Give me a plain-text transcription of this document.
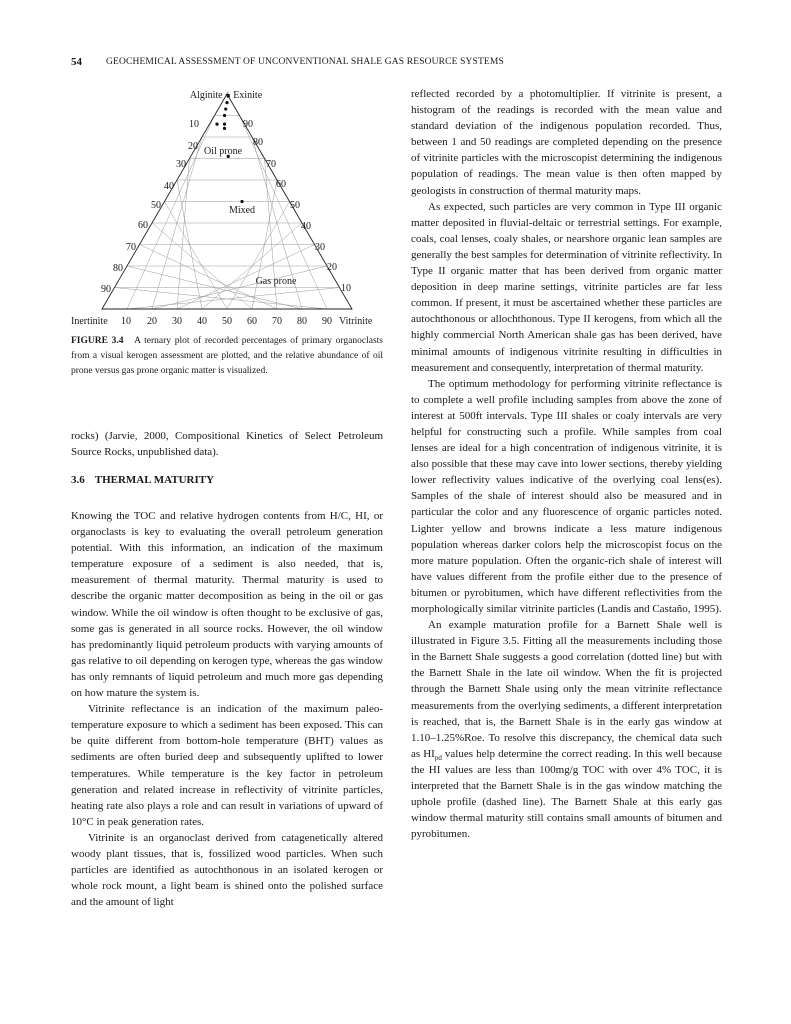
54	GEOCHEMICAL ASSESSMENT OF UNCONVENTIONAL SHALE GAS RESOURCE SYSTEMS
Alginite + Exinite
10
20
30
40
50
60
70
80
90
90
80
70
60
50
40
30
20
10
Oil prone
Mixed
Gas prone
Inertinite 10 20 30 40 50 60 70 80 90 Vitrinite
FIGURE 3.4 A ternary plot of recorded percentages of primary organoclasts from a visual kerogen assessment are plotted, and the relative abundance of oil prone versus gas prone organic matter is visualized.

rocks) (Jarvie, 2000, Compositional Kinetics of Select Petroleum Source Rocks, unpublished data).

3.6 THERMAL MATURITY

Knowing the TOC and relative hydrogen contents from H/C, HI, or organoclasts is key to evaluating the overall petroleum generation potential. With this information, an indication of the maximum temperature exposure of a sediment is also needed, that is, measurement of thermal maturity. Thermal maturity is used to describe the organic matter decomposition as being in the oil or gas window. While the oil window is often thought to be exclusive of gas, some gas is generated in all source rocks. However, the oil window has predominantly liquid petroleum products with varying amounts of gas relative to oil depending on kerogen type, whereas the gas window has only remnants of liquid petroleum and much more gas depending on how mature the system is.

Vitrinite reflectance is an indication of the maximum paleo-temperature exposure to which a sediment has been exposed. This can be quite different from bottom-hole temperature (BHT) values as sediments are often buried deep and subsequently uplifted to lower temperatures. While temperature is the key factor in petroleum generation and related increase in reflectivity of vitrinite particles, heating rate also plays a role and can result in variations of upward of 10°C in peak generation rates.

Vitrinite is an organoclast derived from catagenetically altered woody plant tissues, that is, fossilized wood particles. When such particles are identified as autochthonous in an isolated kerogen or whole rock mount, a light beam is shined onto the polished surface and the amount of light

reflected recorded by a photomultiplier. If vitrinite is present, a histogram of the readings is recorded with the mean value and standard deviation of the indigenous population recorded. Thus, between 1 and 50 readings are completed depending on the presence of vitrinite particles with the microscopist determining the indigenous population of readings. The mean value is then often mapped by geologists in construction of thermal maturity maps.

As expected, such particles are very common in Type III organic matter deposited in fluvial-deltaic or terrestrial settings. For example, coals, coal lenses, coaly shales, or nearshore organic lean samples are generally the best samples for determination of vitrinite reflectivity. In Type II organic matter that has been derived from organic matter deposition in deep marine settings, vitrinite particles are far less common. If present, it must be ascertained whether these particles are autochthonous or allochthonous. Type II kerogens, from which all the highly commercial North American shale gas has been derived, have minimal amounts of indigenous vitrinite resulting in difficulties in measurement and consequently, interpretation of thermal maturity.

The optimum methodology for performing vitrinite reflectance is to complete a well profile including samples from above the zone of interest at 500ft intervals. Type III shales or coaly intervals are very helpful for constructing such a profile. While samples from coal lenses are ideal for a high concentration of indigenous vitrinite, it is also possible that these may cave into lower sections, thereby yielding lower reflectivity values indicative of the overlying coal lens(es). Samples of the shale of interest should also be measured and in particular the color and any fluorescence of organic particles noted. Lighter yellow and browns indicate a less mature indigenous population whereas darker colors help the microscopist focus on the more mature population. Often the organic-rich shale of interest will have values different from the profile either due to the presence of bitumen or pyrobitumen, which have different reflectivities from the morphologically similar vitrinite particles (Landis and Castaño, 1995).

An example maturation profile for a Barnett Shale well is illustrated in Figure 3.5. Fitting all the measurements including those in the Barnett Shale suggests a good correlation (dotted line) but with the Barnett Shale in the late oil window. When the fit is projected through the Barnett Shale using only the mean vitrinite reflectance measurements from the overlying sediments, a different interpretation is reached, that is, the Barnett Shale is in the early gas window at 1.10–1.25%Roe. To resolve this discrepancy, the chemical data such as $HI_{pd}$ values help determine the correct reading. In this well because the HI values are less than 100mg/g TOC with over 4% TOC, it is interpreted that the Barnett Shale is in the gas window matching the uphole profile (dashed line). The Barnett Shale at this early gas window thermal maturity still contains small amounts of bitumen and pyrobitumen.
